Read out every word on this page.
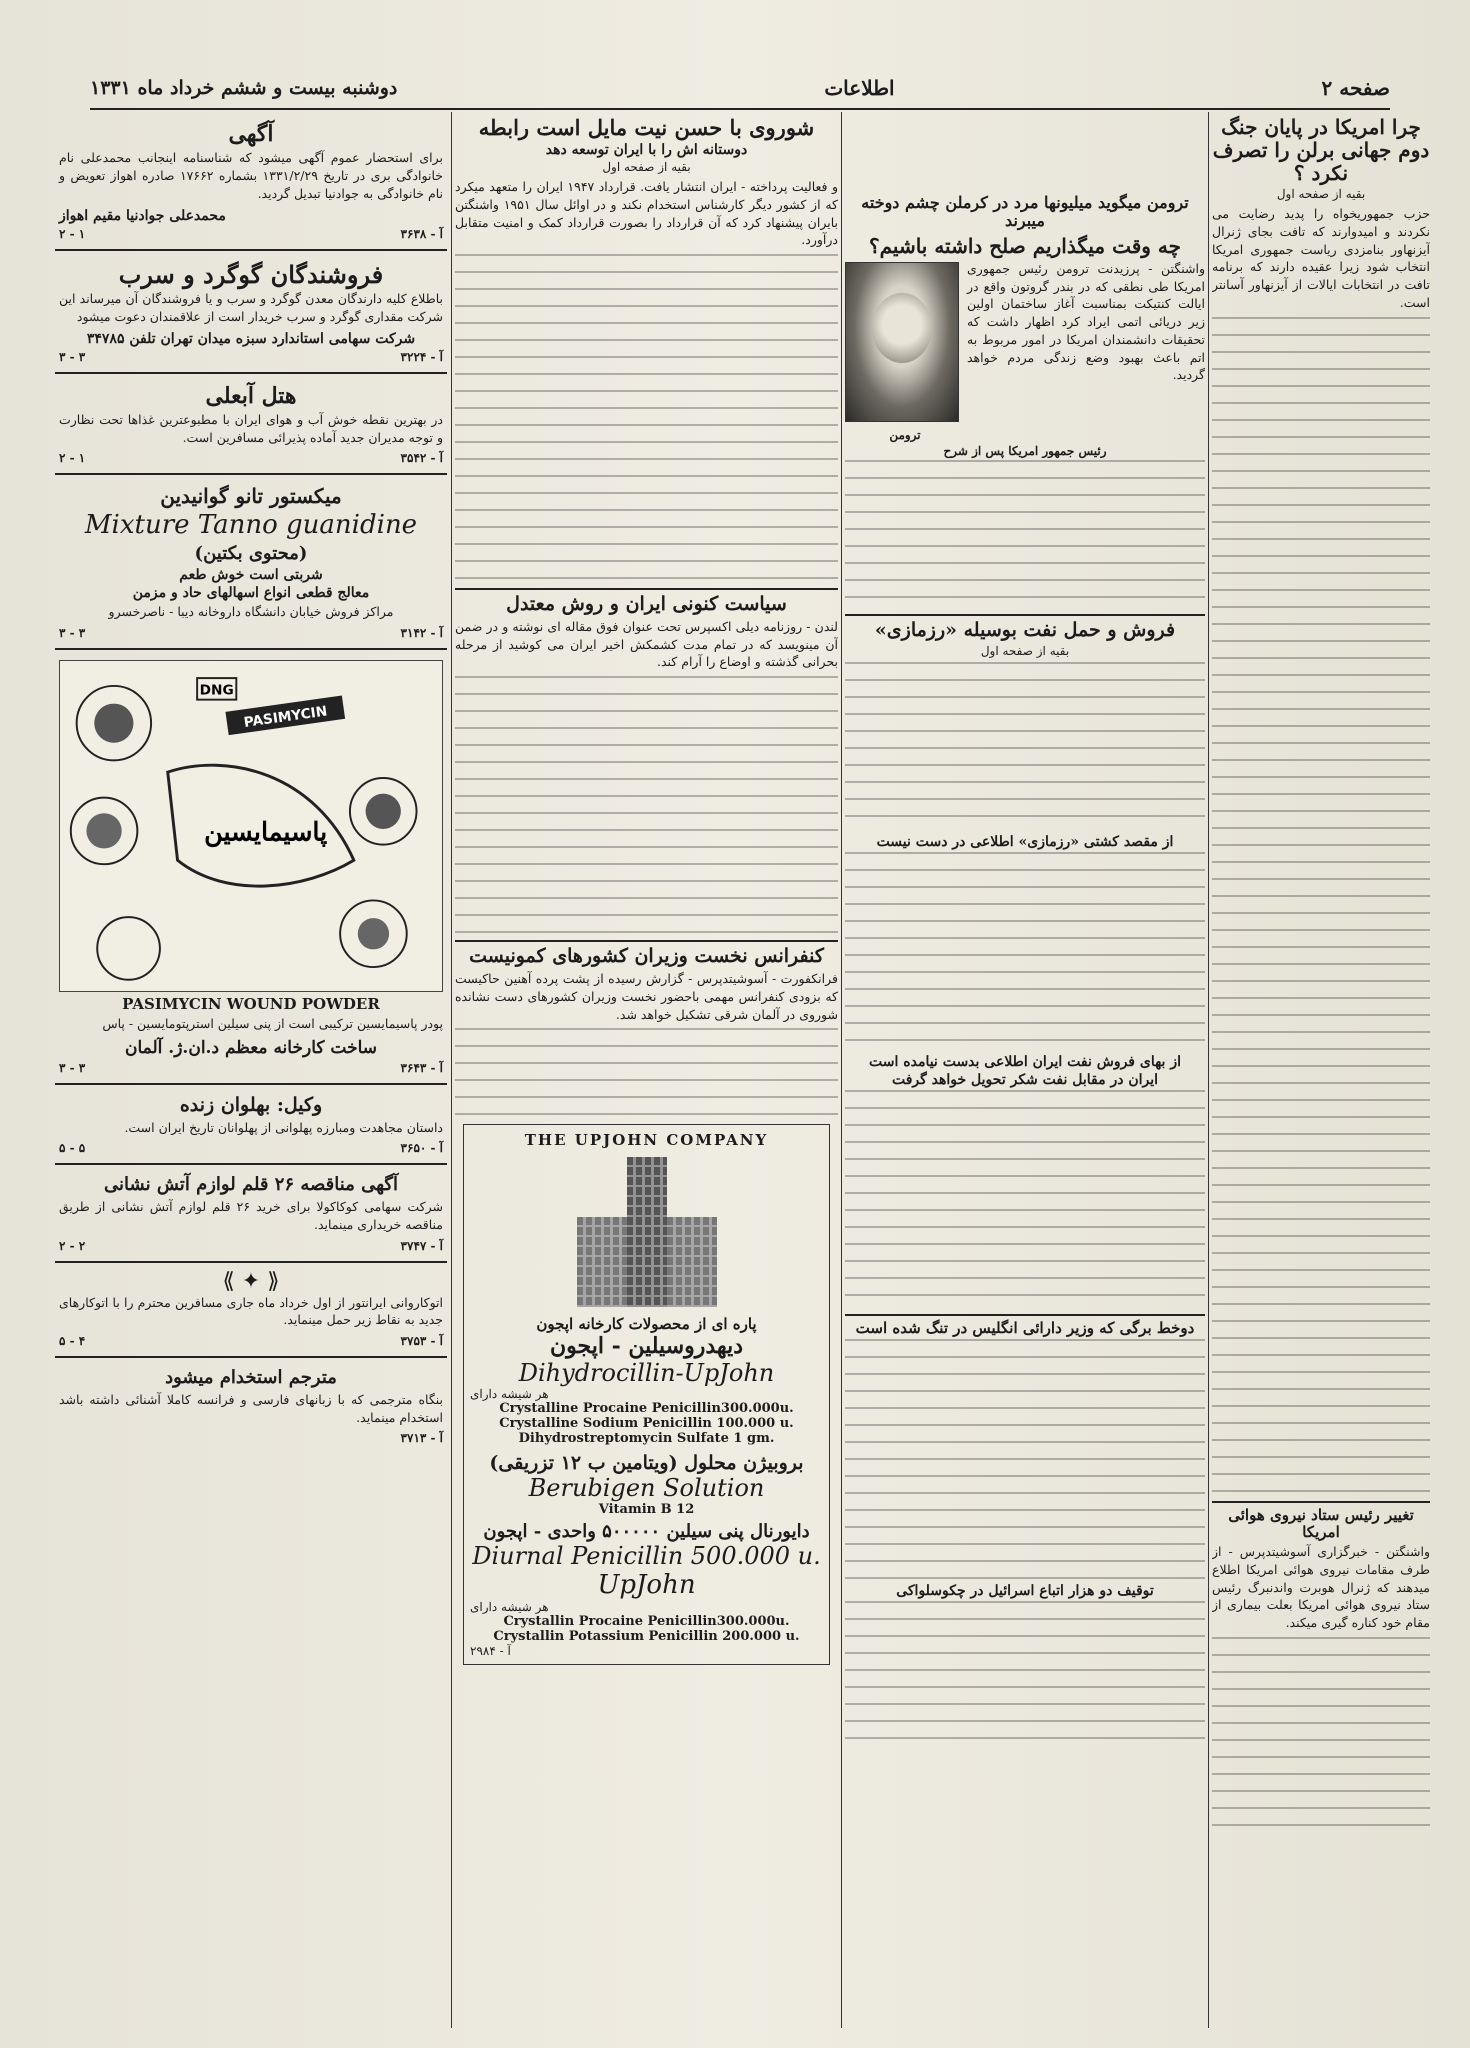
صفحه ۲
اطلاعات
دوشنبه بیست و ششم خرداد ماه ۱۳۳۱
چرا امریکا در پایان جنگ دوم جهانی برلن را تصرف نکرد ؟
بقیه از صفحه اول
حزب جمهوریخواه را پدید رضایت می نکردند و امیدوارند که تافت بجای ژنرال آیزنهاور بنامزدی ریاست جمهوری امریکا انتخاب شود زیرا عقیده دارند که برنامه تافت در انتخابات ایالات از آیزنهاور آسانتر است.
تغییر رئیس ستاد نیروی هوائی امریکا
واشنگتن - خبرگزاری آسوشیتدپرس - از طرف مقامات نیروی هوائی امریکا اطلاع میدهند که ژنرال هوبرت واندنبرگ رئیس ستاد نیروی هوائی امریکا بعلت بیماری از مقام خود کناره گیری میکند.
ترومن میگوید میلیونها مرد در کرملن چشم دوخته میبرند
چه وقت میگذاریم صلح داشته باشیم؟
واشنگتن - پرزیدنت ترومن رئیس جمهوری امریکا طی نطقی که در بندر گروتون واقع در ایالت کنتیکت بمناسبت آغاز ساختمان اولین زیر دریائی اتمی ایراد کرد اظهار داشت که تحقیقات دانشمندان امریکا در امور مربوط به اتم باعث بهبود وضع زندگی مردم خواهد گردید.
ترومن
رئیس جمهور امریکا پس از شرح
فروش و حمل نفت بوسیله «رزمازی»
بقیه از صفحه اول
از مقصد کشتی «رزمازی» اطلاعی در دست نیست
از بهای فروش نفت ایران اطلاعی بدست نیامده است
ایران در مقابل نفت شکر تحویل خواهد گرفت
دوخط برگی که وزیر دارائی انگلیس در تنگ شده است
توقیف دو هزار اتباع اسرائیل در چکوسلواکی
شوروی با حسن نیت مایل است رابطه
دوستانه اش را با ایران توسعه دهد
بقیه از صفحه اول
و فعالیت پرداخته - ایران انتشار یافت. قرارداد ۱۹۴۷ ایران را متعهد میکرد که از کشور دیگر کارشناس استخدام نکند و در اوائل سال ۱۹۵۱ واشنگتن بایران پیشنهاد کرد که آن قرارداد را بصورت قرارداد کمک و امنیت متقابل درآورد.
سیاست کنونی ایران و روش معتدل
لندن - روزنامه دیلی اکسپرس تحت عنوان فوق مقاله ای نوشته و در ضمن آن مینویسد که در تمام مدت کشمکش اخیر ایران می کوشید از مرحله بحرانی گذشته و اوضاع را آرام کند.
کنفرانس نخست وزیران کشورهای کمونیست
فرانکفورت - آسوشیتدپرس - گزارش رسیده از پشت پرده آهنین حاکیست که بزودی کنفرانس مهمی باحضور نخست وزیران کشورهای دست نشانده شوروی در آلمان شرقی تشکیل خواهد شد.
THE UPJOHN COMPANY
پاره ای از محصولات کارخانه اپجون
دیهدروسیلین - اپجون
Dihydrocillin-UpJohn
هر شیشه دارای
Crystalline Procaine Penicillin300.000u.
Crystalline Sodium Penicillin 100.000 u.
Dihydrostreptomycin Sulfate 1 gm.
بروبیژن محلول (ویتامین ب ۱۲ تزریقی)
Berubigen Solution
Vitamin B 12
دایورنال پنی سیلین ۵۰۰۰۰۰ واحدی - اپجون
Diurnal Penicillin 500.000 u.
UpJohn
هر شیشه دارای
Crystallin Procaine Penicillin300.000u.
Crystallin Potassium Penicillin 200.000 u.
آ - ۲۹۸۴
آگهی
برای استحضار عموم آگهی میشود که شناسنامه اینجانب محمدعلی نام خانوادگی بری در تاریخ ۱۳۳۱/۲/۲۹ بشماره ۱۷۶۶۲ صادره اهواز تعویض و نام خانوادگی به جوادنیا تبدیل گردید.
محمدعلی جوادنیا مقیم اهواز
آ - ۳۶۳۸
۱ - ۲
فروشندگان گوگرد و سرب
باطلاع کلیه دارندگان معدن گوگرد و سرب و یا فروشندگان آن میرساند این شرکت مقداری گوگرد و سرب خریدار است از علاقمندان دعوت میشود
شرکت سهامی استاندارد سبزه میدان تهران تلفن ۳۴۷۸۵
آ - ۳۲۲۴
۳ - ۳
هتل آبعلی
در بهترین نقطه خوش آب و هوای ایران با مطبوعترین غذاها تحت نظارت و توجه مدیران جدید آماده پذیرائی مسافرین است.
آ - ۳۵۴۲
۱ - ۲
میکستور تانو گوانیدین
Mixture Tanno guanidine
(محتوی بکتین)
شربتی است خوش طعم
معالج قطعی انواع اسهالهای حاد و مزمن
مراکز فروش خیابان دانشگاه داروخانه دیبا - ناصرخسرو
آ - ۳۱۴۲
۳ - ۳
DNG
PASIMYCIN
پاسیمایسین
PASIMYCIN WOUND POWDER
پودر پاسیمایسین ترکیبی است از پنی سیلین استرپتومایسین - پاس
ساخت کارخانه معظم د.ان.ژ. آلمان
آ - ۳۶۴۳
۳ - ۳
وکیل: بهلوان زنده
داستان مجاهدت ومبارزه پهلوانی از پهلوانان تاریخ ایران است.
آ - ۳۶۵۰
۵ - ۵
آگهی مناقصه ۲۶ قلم لوازم آتش نشانی
شرکت سهامی کوکاکولا برای خرید ۲۶ قلم لوازم آتش نشانی از طریق مناقصه خریداری مینماید.
آ - ۳۷۴۷
۲ - ۲
⟪ ✦ ⟫
اتوکاروانی ایرانتور از اول خرداد ماه جاری مسافرین محترم را با اتوکارهای جدید به نقاط زیر حمل مینماید.
آ - ۳۷۵۳
۴ - ۵
مترجم استخدام میشود
بنگاه مترجمی که با زبانهای فارسی و فرانسه کاملا آشنائی داشته باشد استخدام مینماید.
آ - ۳۷۱۳
